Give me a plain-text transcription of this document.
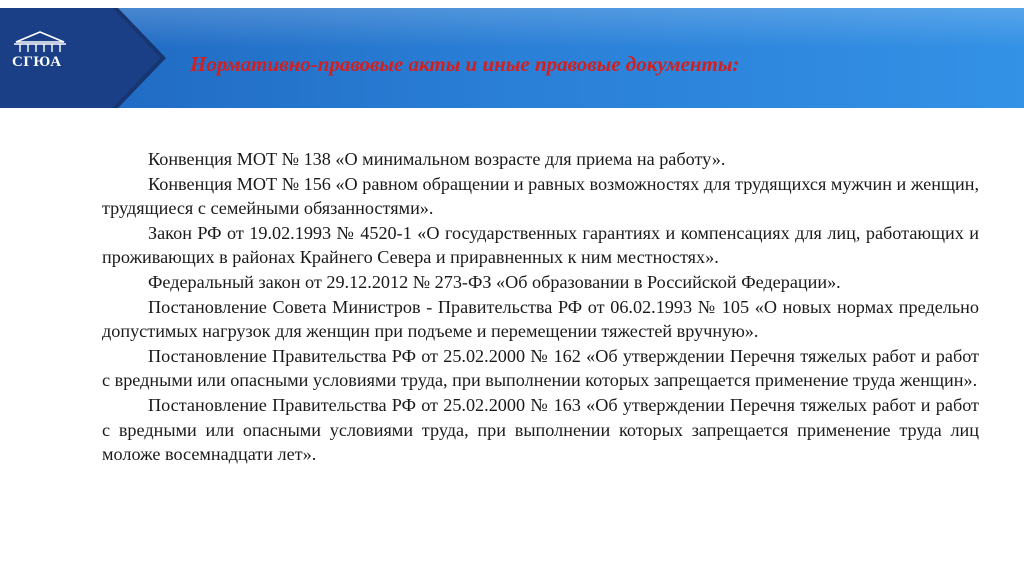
СГЮА	Нормативно-правовые акты и иные правовые документы:

Конвенция МОТ № 138 «О минимальном возрасте для приема на работу».

Конвенция МОТ № 156 «О равном обращении и равных возможностях для трудящихся мужчин и женщин, трудящиеся с семейными обязанностями».

Закон РФ от 19.02.1993 № 4520-1 «О государственных гарантиях и компенсациях для лиц, работающих и проживающих в районах Крайнего Севера и приравненных к ним местностях».

Федеральный закон от 29.12.2012 № 273-ФЗ «Об образовании в Российской Федерации».

Постановление Совета Министров - Правительства РФ от 06.02.1993 № 105 «О новых нормах предельно допустимых нагрузок для женщин при подъеме и перемещении тяжестей вручную».

Постановление Правительства РФ от 25.02.2000 № 162 «Об утверждении Перечня тяжелых работ и работ с вредными или опасными условиями труда, при выполнении которых запрещается применение труда женщин».

Постановление Правительства РФ от 25.02.2000 № 163 «Об утверждении Перечня тяжелых работ и работ с вредными или опасными условиями труда, при выполнении которых запрещается применение труда лиц моложе восемнадцати лет».
